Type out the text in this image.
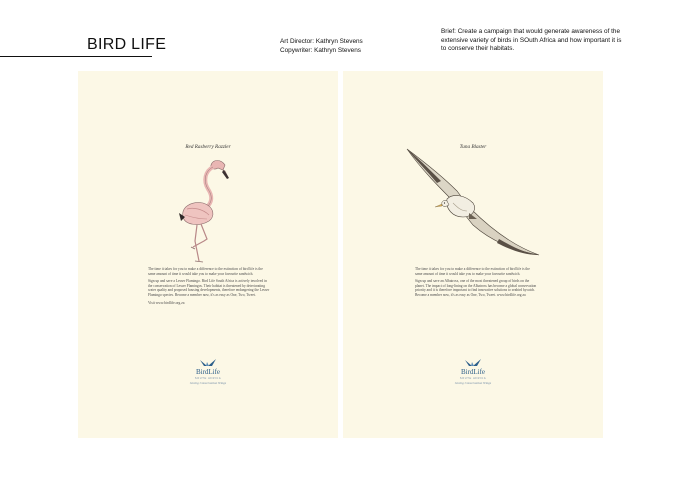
BIRD LIFE	Art Director: Kathryn Stevens
Copywriter: Kathryn Stevens
Brief: Create a campaign that would generate awareness of the extensive variety of birds in SOuth Africa and how important it is to conserve their habitats.
Red Rasberry Razzler

The time it takes for you to make a difference to the extinction of bird life is the same amount of time it would take you to make your favourite sandwich.

Sign up and save a Lesser Flamingo. Bird Life South Africa is actively involved in the conservation of Lesser Flamingos. Their habitat is threatened by deteriorating water quality and proposed housing developments, therefore endangering the Lesser Flamingo species. Become a member now, it's as easy as One, Two, Tweet.

Visit www.birdlife.org.za

BirdLife
SOUTH AFRICA
Giving Conservation Wings
Tuna Blaster

The time it takes for you to make a difference to the extinction of bird life is the same amount of time it would take you to make your favourite sandwich.

Sign up and save an Albatross, one of the most threatened group of birds on the planet. The impact of long-lining on the Albatross has become a global conservation priority and it is therefore important to find innovative solutions to seabird bycatch. Become a member now, it's as easy as One, Two, Tweet. www.birdlife.org.za

BirdLife
SOUTH AFRICA
Giving Conservation Wings
